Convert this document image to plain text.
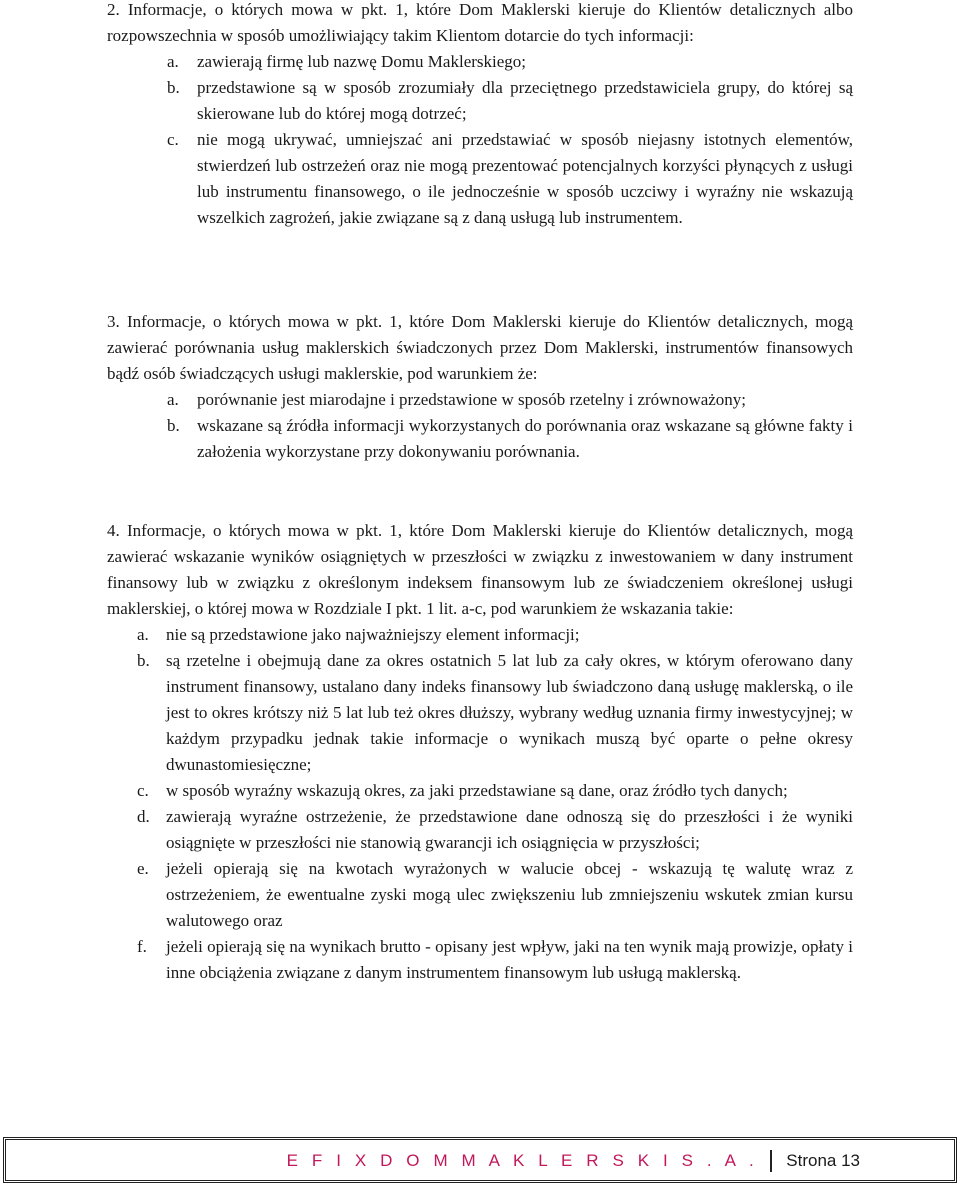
2. Informacje, o których mowa w pkt. 1, które Dom Maklerski kieruje do Klientów detalicznych albo rozpowszechnia w sposób umożliwiający takim Klientom dotarcie do tych informacji:

a.	zawierają firmę lub nazwę Domu Maklerskiego;
b.	przedstawione są w sposób zrozumiały dla przeciętnego przedstawiciela grupy, do której są skierowane lub do której mogą dotrzeć;
c.	nie mogą ukrywać, umniejszać ani przedstawiać w sposób niejasny istotnych elementów, stwierdzeń lub ostrzeżeń oraz nie mogą prezentować potencjalnych korzyści płynących z usługi lub instrumentu finansowego, o ile jednocześnie w sposób uczciwy i wyraźny nie wskazują wszelkich zagrożeń, jakie związane są z daną usługą lub instrumentem.

3. Informacje, o których mowa w pkt. 1, które Dom Maklerski kieruje do Klientów detalicznych, mogą zawierać porównania usług maklerskich świadczonych przez Dom Maklerski, instrumentów finansowych bądź osób świadczących usługi maklerskie, pod warunkiem że:

a.	porównanie jest miarodajne i przedstawione w sposób rzetelny i zrównoważony;
b.	wskazane są źródła informacji wykorzystanych do porównania oraz wskazane są główne fakty i założenia wykorzystane przy dokonywaniu porównania.

4. Informacje, o których mowa w pkt. 1, które Dom Maklerski kieruje do Klientów detalicznych, mogą zawierać wskazanie wyników osiągniętych w przeszłości w związku z inwestowaniem w dany instrument finansowy lub w związku z określonym indeksem finansowym lub ze świadczeniem określonej usługi maklerskiej, o której mowa w Rozdziale I pkt. 1 lit. a-c, pod warunkiem że wskazania takie:

a.	nie są przedstawione jako najważniejszy element informacji;
b. są rzetelne i obejmują dane za okres ostatnich 5 lat lub za cały okres, w którym oferowano dany instrument finansowy, ustalano dany indeks finansowy lub świadczono daną usługę maklerską, o ile jest to okres krótszy niż 5 lat lub też okres dłuższy, wybrany według uznania firmy inwestycyjnej; w każdym przypadku jednak takie informacje o wynikach muszą być oparte o pełne okresy dwunastomiesięczne;
c.	w sposób wyraźny wskazują okres, za jaki przedstawiane są dane, oraz źródło tych danych;
d. zawierają wyraźne ostrzeżenie, że przedstawione dane odnoszą się do przeszłości i że wyniki osiągnięte w przeszłości nie stanowią gwarancji ich osiągnięcia w przyszłości;
e.	jeżeli opierają się na kwotach wyrażonych w walucie obcej - wskazują tę walutę wraz z ostrzeżeniem, że ewentualne zyski mogą ulec zwiększeniu lub zmniejszeniu wskutek zmian kursu walutowego oraz
f.	jeżeli opierają się na wynikach brutto - opisany jest wpływ, jaki na ten wynik mają prowizje, opłaty i inne obciążenia związane z danym instrumentem finansowym lub usługą maklerską.
E F I X D O M M A K L E R S K I S . A . Strona 13
